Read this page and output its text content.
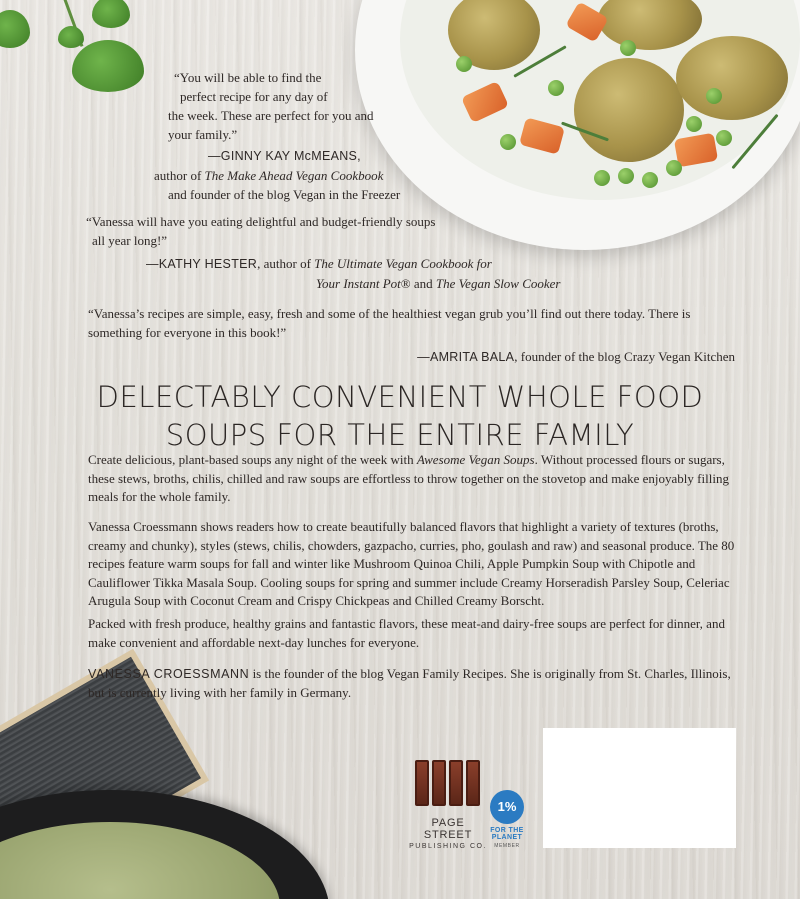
“You will be able to find the

perfect recipe for any day of

the week. These are perfect for you and

your family.”

—GINNY KAY McMEANS,
author of The Make Ahead Vegan Cookbook
and founder of the blog Vegan in the Freezer

“Vanessa will have you eating delightful and budget-friendly soups

all year long!”

—KATHY HESTER, author of The Ultimate Vegan Cookbook for
Your Instant Pot® and The Vegan Slow Cooker

“Vanessa’s recipes are simple, easy, fresh and some of the healthiest vegan grub you’ll find out there today. There is

something for everyone in this book!”

—AMRITA BALA, founder of the blog Crazy Vegan Kitchen
DELECTABLY CONVENIENT WHOLE FOOD
SOUPS FOR THE ENTIRE FAMILY
Create delicious, plant-based soups any night of the week with Awesome Vegan Soups. Without processed flours or sugars, these stews, broths, chilis, chilled and raw soups are effortless to throw together on the stovetop and make enjoyably filling meals for the whole family.
Vanessa Croessmann shows readers how to create beautifully balanced flavors that highlight a variety of textures (broths, creamy and chunky), styles (stews, chilis, chowders, gazpacho, curries, pho, goulash and raw) and seasonal produce. The 80 recipes feature warm soups for fall and winter like Mushroom Quinoa Chili, Apple Pumpkin Soup with Chipotle and Cauliflower Tikka Masala Soup. Cooling soups for spring and summer include Creamy Horseradish Parsley Soup, Celeriac Arugula Soup with Coconut Cream and Crispy Chickpeas and Chilled Creamy Borscht.
Packed with fresh produce, healthy grains and fantastic flavors, these meat-and dairy-free soups are perfect for dinner, and make convenient and affordable next-day lunches for everyone.
VANESSA CROESSMANN is the founder of the blog Vegan Family Recipes. She is originally from St. Charles, Illinois, but is currently living with her family in Germany.
PAGE STREET
PUBLISHING CO.
1%
FOR THE
PLANET
MEMBER
